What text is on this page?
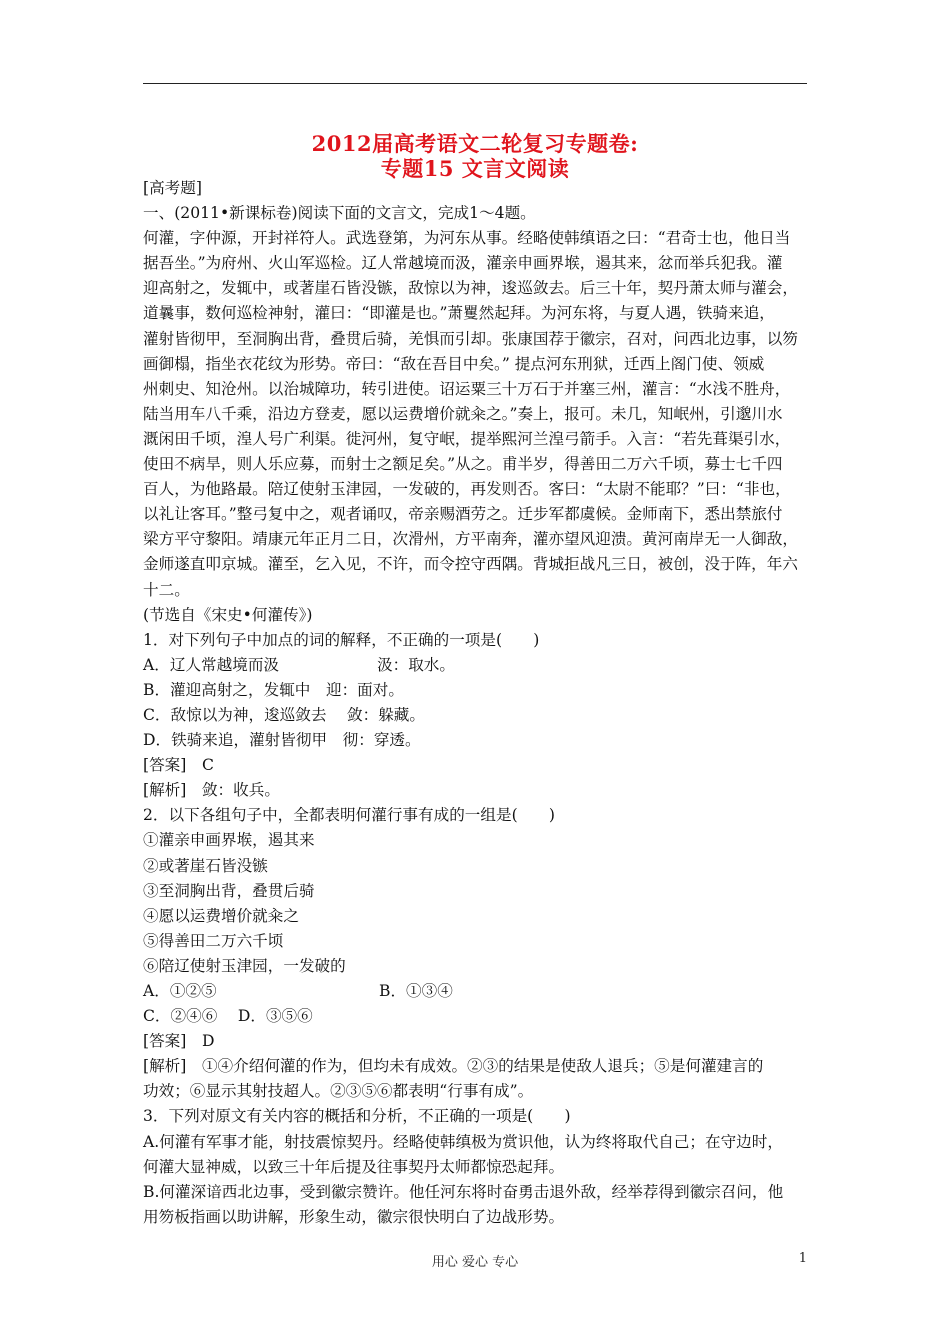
2012届高考语文二轮复习专题卷:
专题15 文言文阅读

[高考题]

一、(2011•新课标卷)阅读下面的文言文，完成1～4题。

何灌，字仲源，开封祥符人。武选登第，为河东从事。经略使韩缜语之曰：“君奇士也，他日当

据吾坐。”为府州、火山军巡检。辽人常越境而汲，灌亲申画界堠，遏其来，忿而举兵犯我。灌

迎高射之，发辄中，或著崖石皆没镞，敌惊以为神，逡巡敛去。后三十年，契丹萧太师与灌会，

道曩事，数何巡检神射，灌曰：“即灌是也。”萧矍然起拜。为河东将，与夏人遇，铁骑来追，

灌射皆彻甲，至洞胸出背，叠贯后骑，羌惧而引却。张康国荐于徽宗，召对，问西北边事，以笏

画御榻，指坐衣花纹为形势。帝曰：“敌在吾目中矣。” 提点河东刑狱，迁西上阁门使、领威

州刺史、知沧州。以治城障功，转引进使。诏运粟三十万石于并塞三州，灌言：“水浅不胜舟，

陆当用车八千乘，沿边方登麦，愿以运费增价就籴之。”奏上，报可。未几，知岷州，引邈川水

溉闲田千顷，湟人号广利渠。徙河州，复守岷，提举熙河兰湟弓箭手。入言：“若先葺渠引水，

使田不病旱，则人乐应募，而射士之额足矣。”从之。甫半岁，得善田二万六千顷，募士七千四

百人，为他路最。陪辽使射玉津园，一发破的，再发则否。客曰：“太尉不能耶？”曰：“非也，

以礼让客耳。”整弓复中之，观者诵叹，帝亲赐酒劳之。迁步军都虞候。金师南下，悉出禁旅付

梁方平守黎阳。靖康元年正月二日，次滑州，方平南奔，灌亦望风迎溃。黄河南岸无一人御敌，

金师遂直叩京城。灌至，乞入见，不许，而令控守西隅。背城拒战凡三日，被创，没于阵，年六

十二。

(节选自《宋史•何灌传》)

1．对下列句子中加点的词的解释，不正确的一项是(　　)

A．辽人常越境而汲	汲：取水。

B．灌迎高射之，发辄中　迎：面对。

C．敌惊以为神，逡巡敛去　 敛：躲藏。

D．铁骑来追，灌射皆彻甲　彻：穿透。

[答案]　C

[解析]　敛：收兵。

2．以下各组句子中，全都表明何灌行事有成的一组是(　　)

①灌亲申画界堠，遏其来

②或著崖石皆没镞

③至洞胸出背，叠贯后骑

④愿以运费增价就籴之

⑤得善田二万六千顷

⑥陪辽使射玉津园，一发破的

A．①②⑤	B．①③④

C．②④⑥　 D．③⑤⑥

[答案]　D

[解析]　①④介绍何灌的作为，但均未有成效。②③的结果是使敌人退兵；⑤是何灌建言的

功效；⑥显示其射技超人。②③⑤⑥都表明“行事有成”。

3．下列对原文有关内容的概括和分析，不正确的一项是(　　)

A.何灌有军事才能，射技震惊契丹。经略使韩缜极为赏识他，认为终将取代自己；在守边时，

何灌大显神威，以致三十年后提及往事契丹太师都惊恐起拜。

B.何灌深谙西北边事，受到徽宗赞许。他任河东将时奋勇击退外敌，经举荐得到徽宗召问，他

用笏板指画以助讲解，形象生动，徽宗很快明白了边战形势。

用心 爱心 专心	1
